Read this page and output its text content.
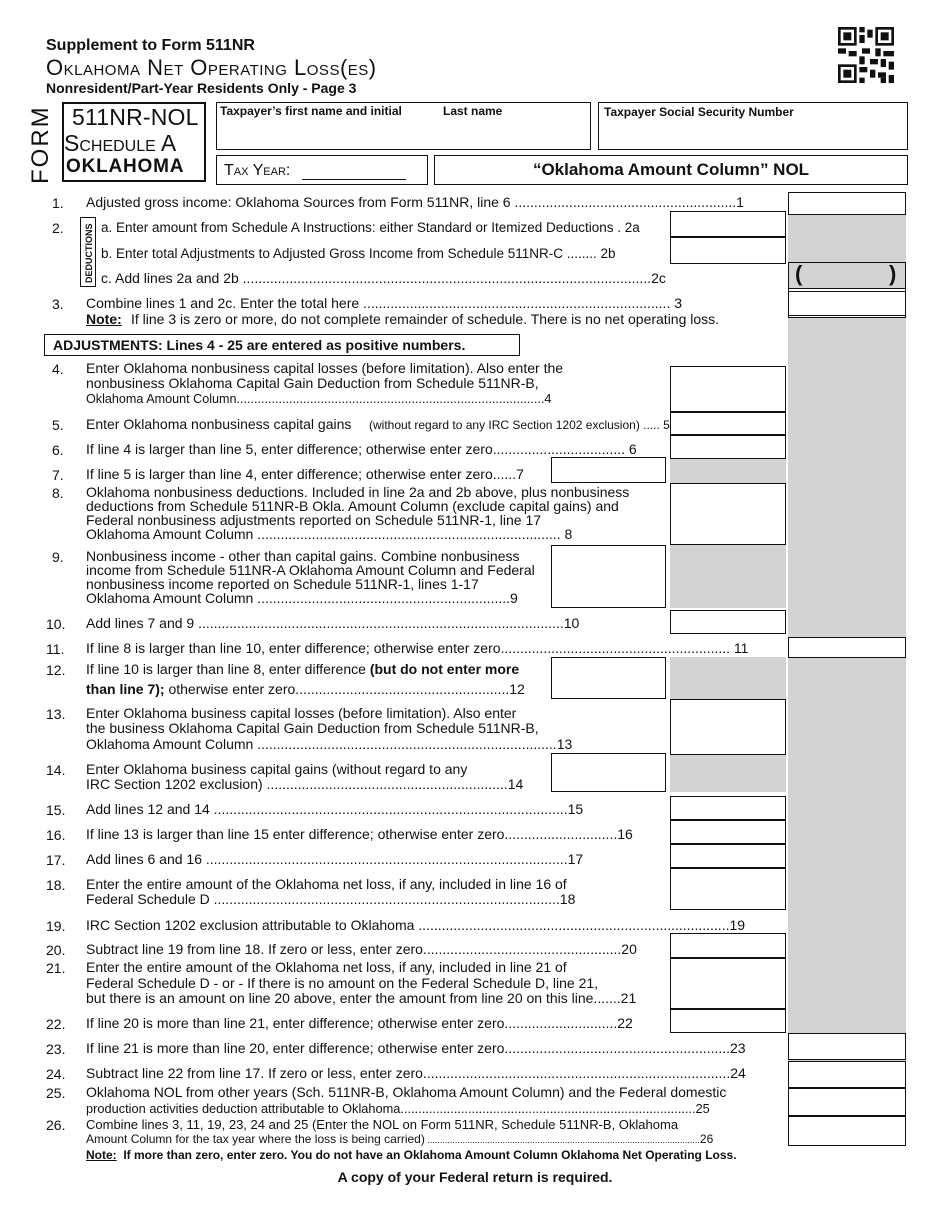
Supplement to Form 511NR
Oklahoma Net Operating Loss(es)
Nonresident/Part-Year Residents Only - Page 3
FORM 511NR-NOL
Schedule A
OKLAHOMA
Taxpayer’s first name and initial	Last name	Taxpayer Social Security Number
Tax Year:	“Oklahoma Amount Column” NOL
(	)
DEDUCTIONS
ADJUSTMENTS: Lines 4 - 25 are entered as positive numbers.
1. Adjusted gross income: Oklahoma Sources from Form 511NR, line 6 .........................................................1
2.	a. Enter amount from Schedule A Instructions: either Standard or Itemized Deductions . 2a
b. Enter total Adjustments to Adjusted Gross Income from Schedule 511NR-C ........ 2b
c. Add lines 2a and 2b .........................................................................................................2c
3. Combine lines 1 and 2c. Enter the total here ............................................................................... 3
Note: If line 3 is zero or more, do not complete remainder of schedule. There is no net operating loss.
4. Enter Oklahoma nonbusiness capital losses (before limitation). Also enter the
nonbusiness Oklahoma Capital Gain Deduction from Schedule 511NR-B,
Oklahoma Amount Column........................................................................................4
5. Enter Oklahoma nonbusiness capital gains (without regard to any IRC Section 1202 exclusion) ..... 5
6. If line 4 is larger than line 5, enter difference; otherwise enter zero.................................. 6
7. If line 5 is larger than line 4, enter difference; otherwise enter zero......7
8. Oklahoma nonbusiness deductions. Included in line 2a and 2b above, plus nonbusiness
deductions from Schedule 511NR-B Okla. Amount Column (exclude capital gains) and
Federal nonbusiness adjustments reported on Schedule 511NR-1, line 17
Oklahoma Amount Column .............................................................................. 8
9. Nonbusiness income - other than capital gains. Combine nonbusiness
income from Schedule 511NR-A Oklahoma Amount Column and Federal
nonbusiness income reported on Schedule 511NR-1, lines 1-17
Oklahoma Amount Column .................................................................9
10. Add lines 7 and 9 ..............................................................................................10
11. If line 8 is larger than line 10, enter difference; otherwise enter zero........................................................... 11
12. If line 10 is larger than line 8, enter difference (but do not enter more
than line 7); otherwise enter zero.......................................................12
13. Enter Oklahoma business capital losses (before limitation). Also enter
the business Oklahoma Capital Gain Deduction from Schedule 511NR-B,
Oklahoma Amount Column .............................................................................13
14. Enter Oklahoma business capital gains (without regard to any
IRC Section 1202 exclusion) ..............................................................14
15. Add lines 12 and 14 ...........................................................................................15
16. If line 13 is larger than line 15 enter difference; otherwise enter zero.............................16
17. Add lines 6 and 16 .............................................................................................17
18. Enter the entire amount of the Oklahoma net loss, if any, included in line 16 of
Federal Schedule D .........................................................................................18
19. IRC Section 1202 exclusion attributable to Oklahoma ................................................................................19
20. Subtract line 19 from line 18. If zero or less, enter zero...................................................20
21. Enter the entire amount of the Oklahoma net loss, if any, included in line 21 of
Federal Schedule D - or - If there is no amount on the Federal Schedule D, line 21,
but there is an amount on line 20 above, enter the amount from line 20 on this line.......21
22. If line 20 is more than line 21, enter difference; otherwise enter zero.............................22
23. If line 21 is more than line 20, enter difference; otherwise enter zero..........................................................23
24. Subtract line 22 from line 17. If zero or less, enter zero...............................................................................24
25. Oklahoma NOL from other years (Sch. 511NR-B, Oklahoma Amount Column) and the Federal domestic
production activities deduction attributable to Oklahoma...................................................................................25
26. Combine lines 3, 11, 19, 23, 24 and 25 (Enter the NOL on Form 511NR, Schedule 511NR-B, Oklahoma
Amount Column for the tax year where the loss is being carried) .............................................................................................................26
Note: If more than zero, enter zero. You do not have an Oklahoma Amount Column Oklahoma Net Operating Loss.
A copy of your Federal return is required.
